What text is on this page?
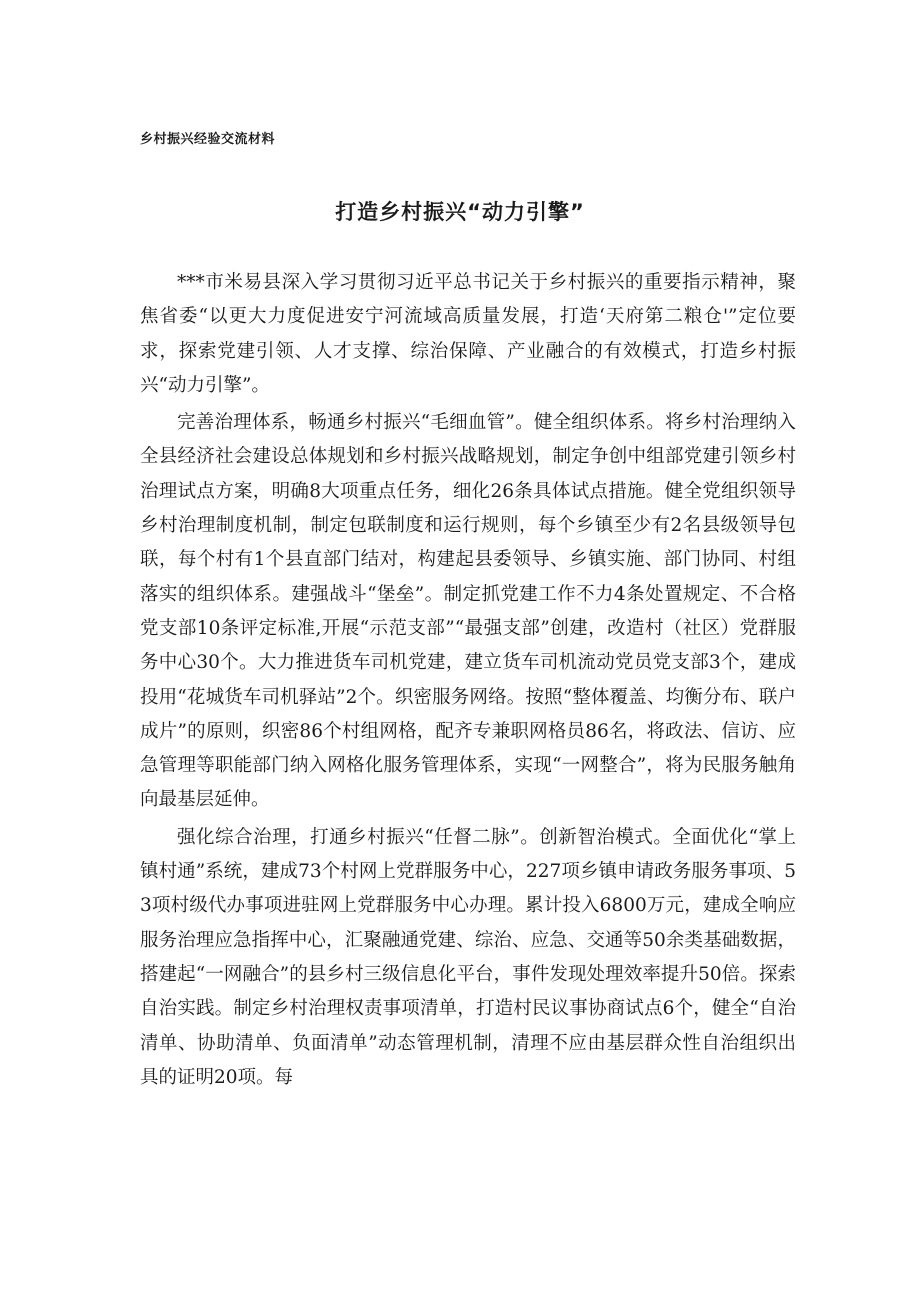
乡村振兴经验交流材料
打造乡村振兴“动力引擎”

***市米易县深入学习贯彻习近平总书记关于乡村振兴的重要指示精神，聚焦省委“以更大力度促进安宁河流域高质量发展，打造‘天府第二粮仓'”定位要求，探索党建引领、人才支撑、综治保障、产业融合的有效模式，打造乡村振兴“动力引擎”。

完善治理体系，畅通乡村振兴“毛细血管”。健全组织体系。将乡村治理纳入全县经济社会建设总体规划和乡村振兴战略规划，制定争创中组部党建引领乡村治理试点方案，明确8大项重点任务，细化26条具体试点措施。健全党组织领导乡村治理制度机制，制定包联制度和运行规则，每个乡镇至少有2名县级领导包联，每个村有1个县直部门结对，构建起县委领导、乡镇实施、部门协同、村组落实的组织体系。建强战斗“堡垒”。制定抓党建工作不力4条处置规定、不合格党支部10条评定标准,开展“示范支部”“最强支部”创建，改造村（社区）党群服务中心30个。大力推进货车司机党建，建立货车司机流动党员党支部3个，建成投用“花城货车司机驿站”2个。织密服务网络。按照“整体覆盖、均衡分布、联户成片”的原则，织密86个村组网格，配齐专兼职网格员86名，将政法、信访、应急管理等职能部门纳入网格化服务管理体系，实现“一网整合”，将为民服务触角向最基层延伸。

强化综合治理，打通乡村振兴“任督二脉”。创新智治模式。全面优化“掌上镇村通”系统，建成73个村网上党群服务中心，227项乡镇申请政务服务事项、53项村级代办事项进驻网上党群服务中心办理。累计投入6800万元，建成全响应服务治理应急指挥中心，汇聚融通党建、综治、应急、交通等50余类基础数据，搭建起“一网融合”的县乡村三级信息化平台，事件发现处理效率提升50倍。探索自治实践。制定乡村治理权责事项清单，打造村民议事协商试点6个，健全“自治清单、协助清单、负面清单”动态管理机制，清理不应由基层群众性自治组织出具的证明20项。每
